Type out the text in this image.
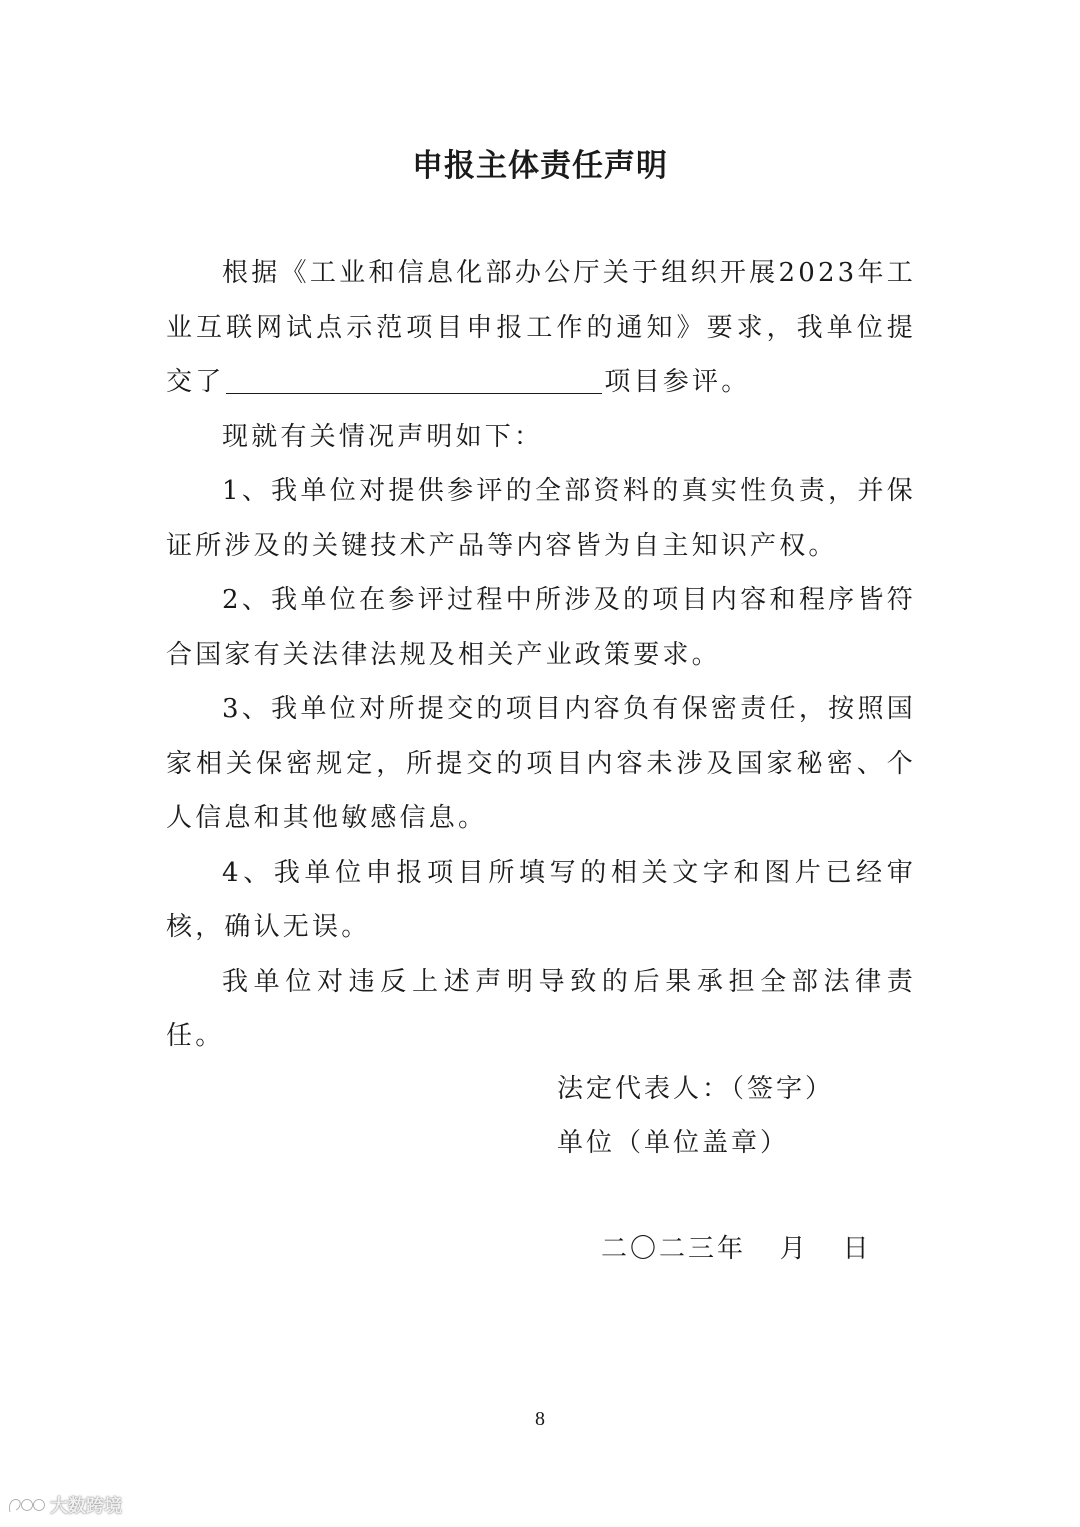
申报主体责任声明

根据《工业和信息化部办公厅关于组织开展2023年工业互联网试点示范项目申报工作的通知》要求，我单位提交了	项目参评。

现就有关情况声明如下：

1、我单位对提供参评的全部资料的真实性负责，并保证所涉及的关键技术产品等内容皆为自主知识产权。

2、我单位在参评过程中所涉及的项目内容和程序皆符合国家有关法律法规及相关产业政策要求。

3、我单位对所提交的项目内容负有保密责任，按照国家相关保密规定，所提交的项目内容未涉及国家秘密、个人信息和其他敏感信息。

4、我单位申报项目所填写的相关文字和图片已经审核，确认无误。

我单位对违反上述声明导致的后果承担全部法律责任。

法定代表人：（签字）
单位（单位盖章）
二〇二三年   月   日
8
大数跨境
